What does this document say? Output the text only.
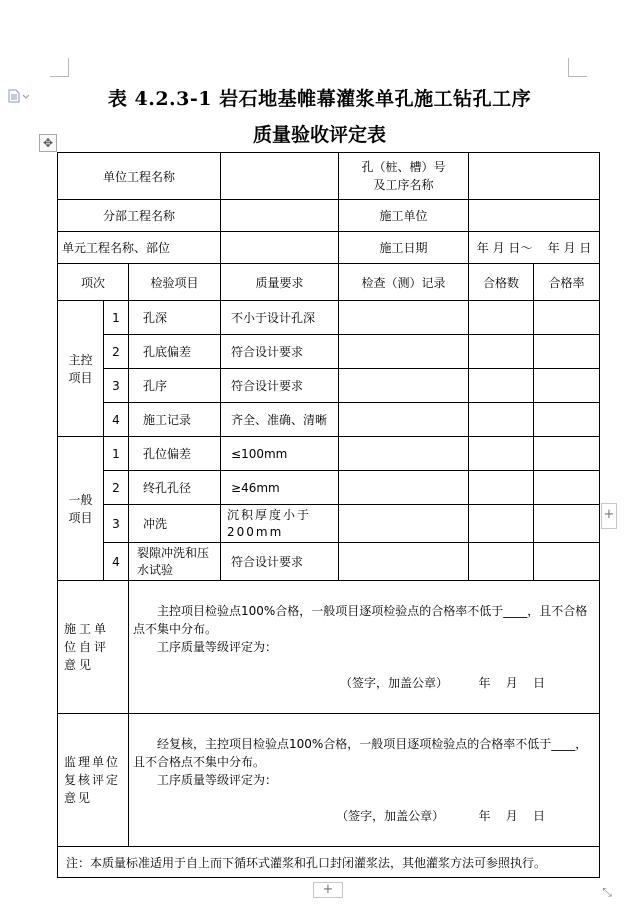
✥
表 4.2.3-1 岩石地基帷幕灌浆单孔施工钻孔工序
质量验收评定表
单位工程名称				孔（桩、槽）号
及工序名称		

分部工程名称				施工单位		
单元工程名称、部位				施工日期	年 月 日～    年 月 日	
项次		检验项目	质量要求	检查（测）记录	合格数	合格率
主控项目	1	孔深	不小于设计孔深			
	2	孔底偏差	符合设计要求			
	3	孔序	符合设计要求			
	4	施工记录	齐全、准确、清晰			
一般项目	1	孔位偏差	≤100mm			
	2	终孔孔径	≥46mm			
	3	冲洗	沉积厚度小于200mm			
	4	裂隙冲洗和压水试验	符合设计要求			
施工单位自评意见		主控项目检验点100%合格，一般项目逐项检验点的合格率不低于____，且不合格点不集中分布。
工序质量等级评定为：
（签字，加盖公章）        年    月    日				

监理单位复核评定意见		经复核，主控项目检验点100%合格，一般项目逐项检验点的合格率不低于____，且不合格点不集中分布。
工序质量等级评定为：
（签字，加盖公章）         年    月    日				

注：本质量标准适用于自上而下循环式灌浆和孔口封闭灌浆法，其他灌浆方法可参照执行。						
+
+	⤡
